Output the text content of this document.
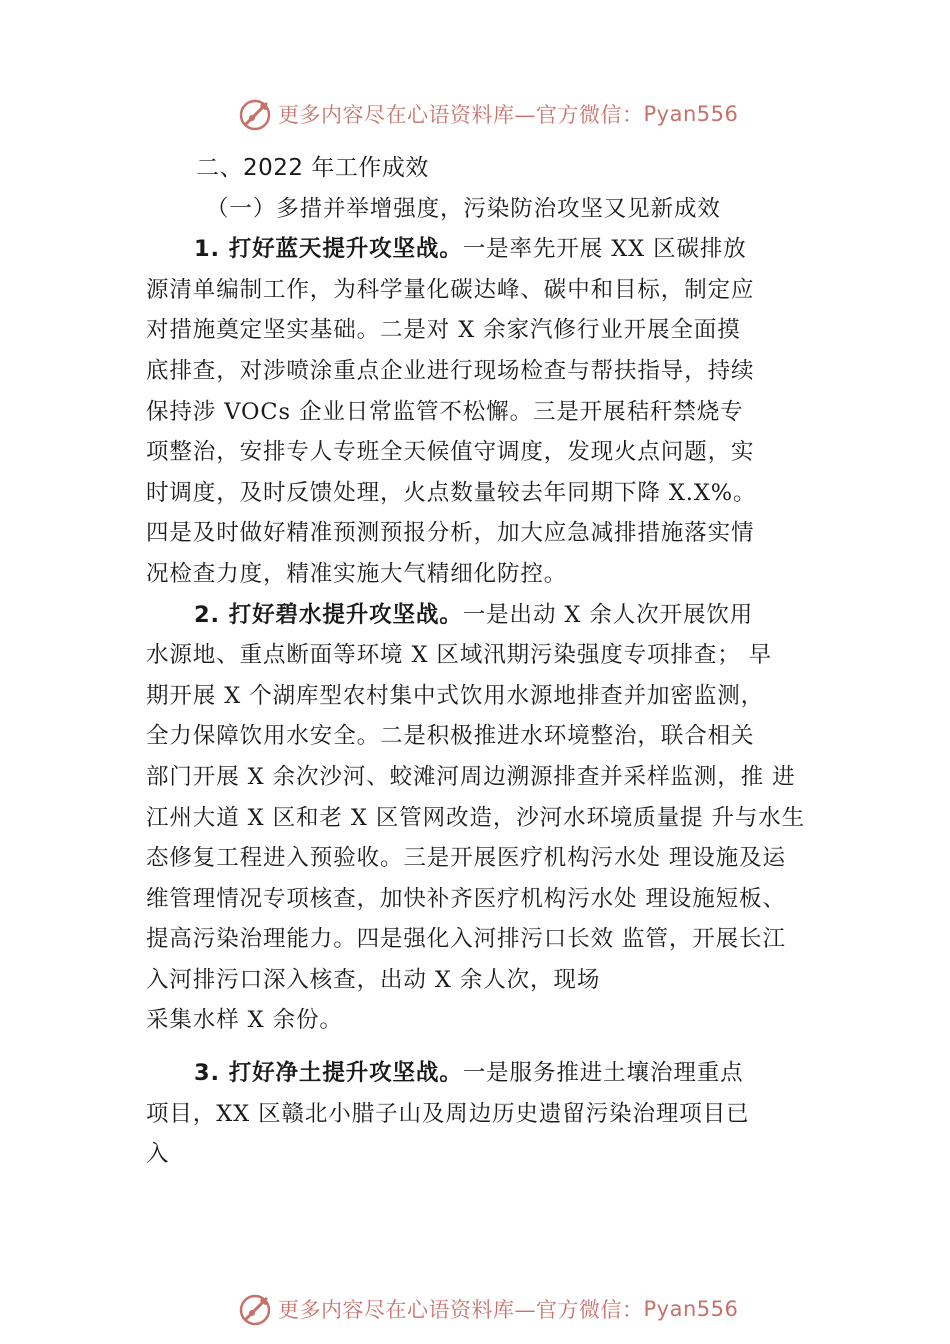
更多内容尽在心语资料库—官方微信： Pyan556
二、2022 年工作成效
（一）多措并举增强度，污染防治攻坚又见新成效
1. 打好蓝天提升攻坚战。一是率先开展 XX 区碳排放
源清单编制工作，为科学量化碳达峰、碳中和目标，制定应
对措施奠定坚实基础。二是对 X 余家汽修行业开展全面摸
底排查，对涉喷涂重点企业进行现场检查与帮扶指导，持续
保持涉 VOCs 企业日常监管不松懈。三是开展秸秆禁烧专
项整治，安排专人专班全天候值守调度，发现火点问题，实
时调度，及时反馈处理，火点数量较去年同期下降 X.X%。
四是及时做好精准预测预报分析，加大应急减排措施落实情
况检查力度，精准实施大气精细化防控。
2. 打好碧水提升攻坚战。一是出动 X 余人次开展饮用
水源地、重点断面等环境 X 区域汛期污染强度专项排查； 早
期开展 X 个湖库型农村集中式饮用水源地排查并加密监测，
全力保障饮用水安全。二是积极推进水环境整治，联合相关
部门开展 X 余次沙河、蛟滩河周边溯源排查并采样监测，推 进
江州大道 X 区和老 X 区管网改造，沙河水环境质量提 升与水生
态修复工程进入预验收。三是开展医疗机构污水处 理设施及运
维管理情况专项核查，加快补齐医疗机构污水处 理设施短板、
提高污染治理能力。四是强化入河排污口长效 监管，开展长江
入河排污口深入核查，出动 X 余人次，现场
采集水样 X 余份。
3. 打好净土提升攻坚战。一是服务推进土壤治理重点
项目，XX 区赣北小腊子山及周边历史遗留污染治理项目已
入
更多内容尽在心语资料库—官方微信： Pyan556
